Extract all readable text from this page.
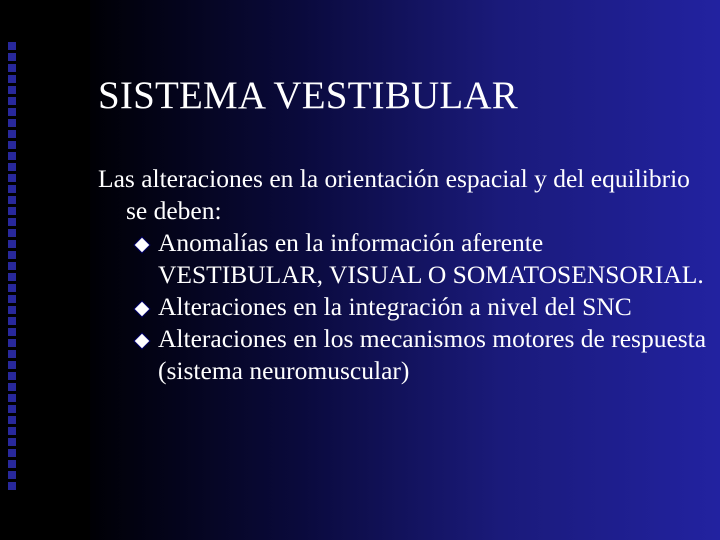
SISTEMA VESTIBULAR

Las alteraciones en la orientación espacial y del equilibrio se deben:

Anomalías en la información aferente VESTIBULAR, VISUAL O SOMATOSENSORIAL.
Alteraciones en la integración a nivel del SNC
Alteraciones en los mecanismos motores de respuesta (sistema neuromuscular)
